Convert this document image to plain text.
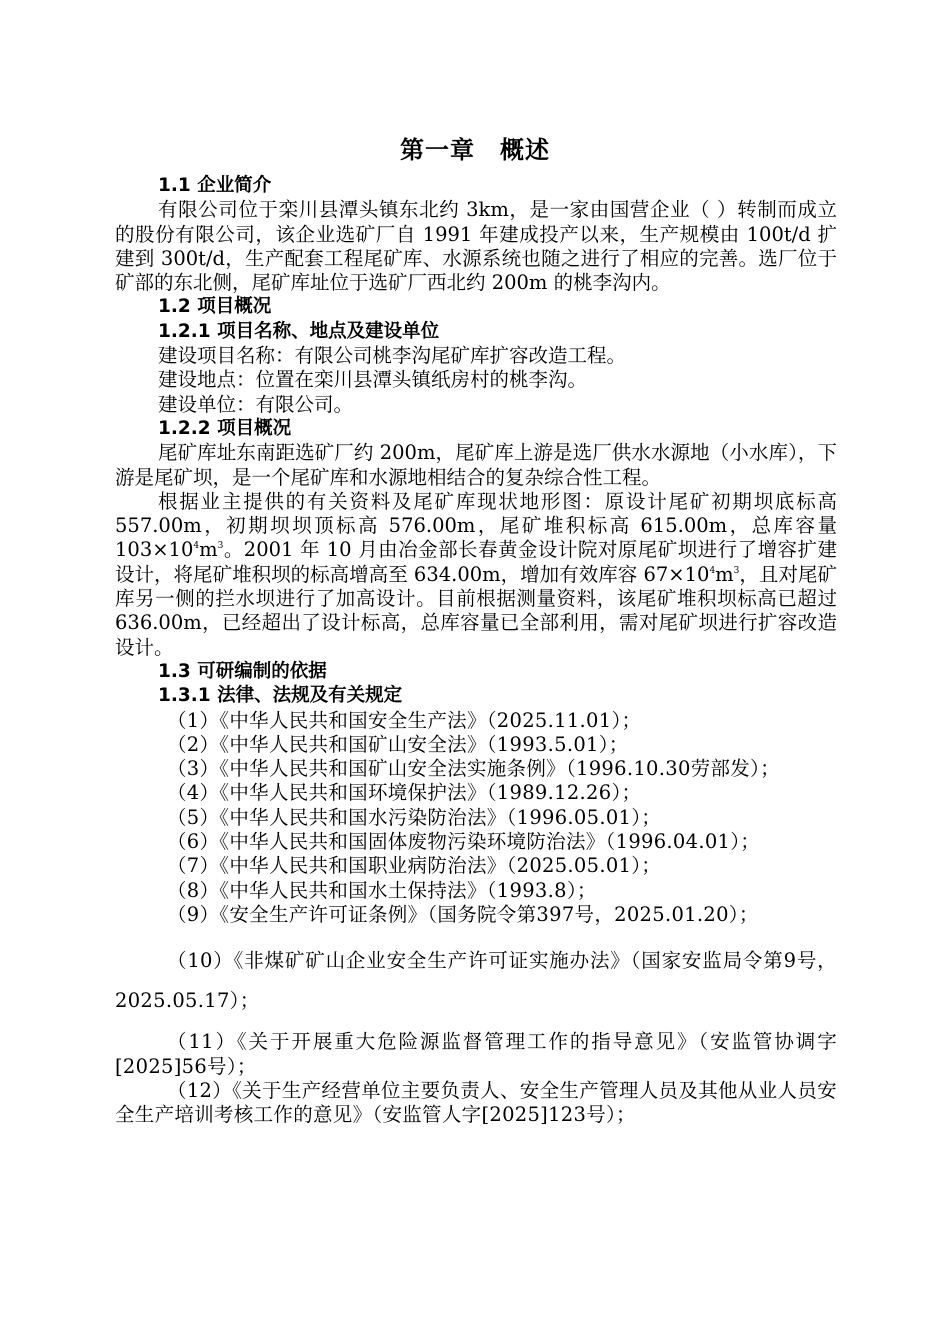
第一章　概述

1.1 企业简介

有限公司位于栾川县潭头镇东北约 3km，是一家由国营企业（ ）转制而成立的股份有限公司，该企业选矿厂自 1991 年建成投产以来，生产规模由 100t/d 扩建到 300t/d，生产配套工程尾矿库、水源系统也随之进行了相应的完善。选厂位于矿部的东北侧，尾矿库址位于选矿厂西北约 200m 的桃李沟内。

1.2 项目概况

1.2.1 项目名称、地点及建设单位

建设项目名称：有限公司桃李沟尾矿库扩容改造工程。

建设地点：位置在栾川县潭头镇纸房村的桃李沟。

建设单位：有限公司。

1.2.2 项目概况

尾矿库址东南距选矿厂约 200m，尾矿库上游是选厂供水水源地（小水库），下游是尾矿坝，是一个尾矿库和水源地相结合的复杂综合性工程。

根据业主提供的有关资料及尾矿库现状地形图：原设计尾矿初期坝底标高 557.00m，初期坝坝顶标高 576.00m，尾矿堆积标高 615.00m，总库容量 $103\times 10^4m^3$。2001 年 10 月由冶金部长春黄金设计院对原尾矿坝进行了增容扩建设计，将尾矿堆积坝的标高增高至 634.00m，增加有效库容 $67\times 10^4m^3$，且对尾矿库另一侧的拦水坝进行了加高设计。目前根据测量资料，该尾矿堆积坝标高已超过 636.00m，已经超出了设计标高，总库容量已全部利用，需对尾矿坝进行扩容改造设计。

1.3 可研编制的依据

1.3.1 法律、法规及有关规定

（1）《中华人民共和国安全生产法》（2025.11.01）；

（2）《中华人民共和国矿山安全法》（1993.5.01）；

（3）《中华人民共和国矿山安全法实施条例》（1996.10.30劳部发）；

（4）《中华人民共和国环境保护法》（1989.12.26）；

（5）《中华人民共和国水污染防治法》（1996.05.01）；

（6）《中华人民共和国固体废物污染环境防治法》（1996.04.01）；

（7）《中华人民共和国职业病防治法》（2025.05.01）；

（8）《中华人民共和国水土保持法》（1993.8）；

（9）《安全生产许可证条例》（国务院令第397号，2025.01.20）；

（10）《非煤矿矿山企业安全生产许可证实施办法》（国家安监局令第9号，2025.05.17）；

（11）《关于开展重大危险源监督管理工作的指导意见》（安监管协调字[2025]56号）；

（12）《关于生产经营单位主要负责人、安全生产管理人员及其他从业人员安全生产培训考核工作的意见》（安监管人字[2025]123号）；
